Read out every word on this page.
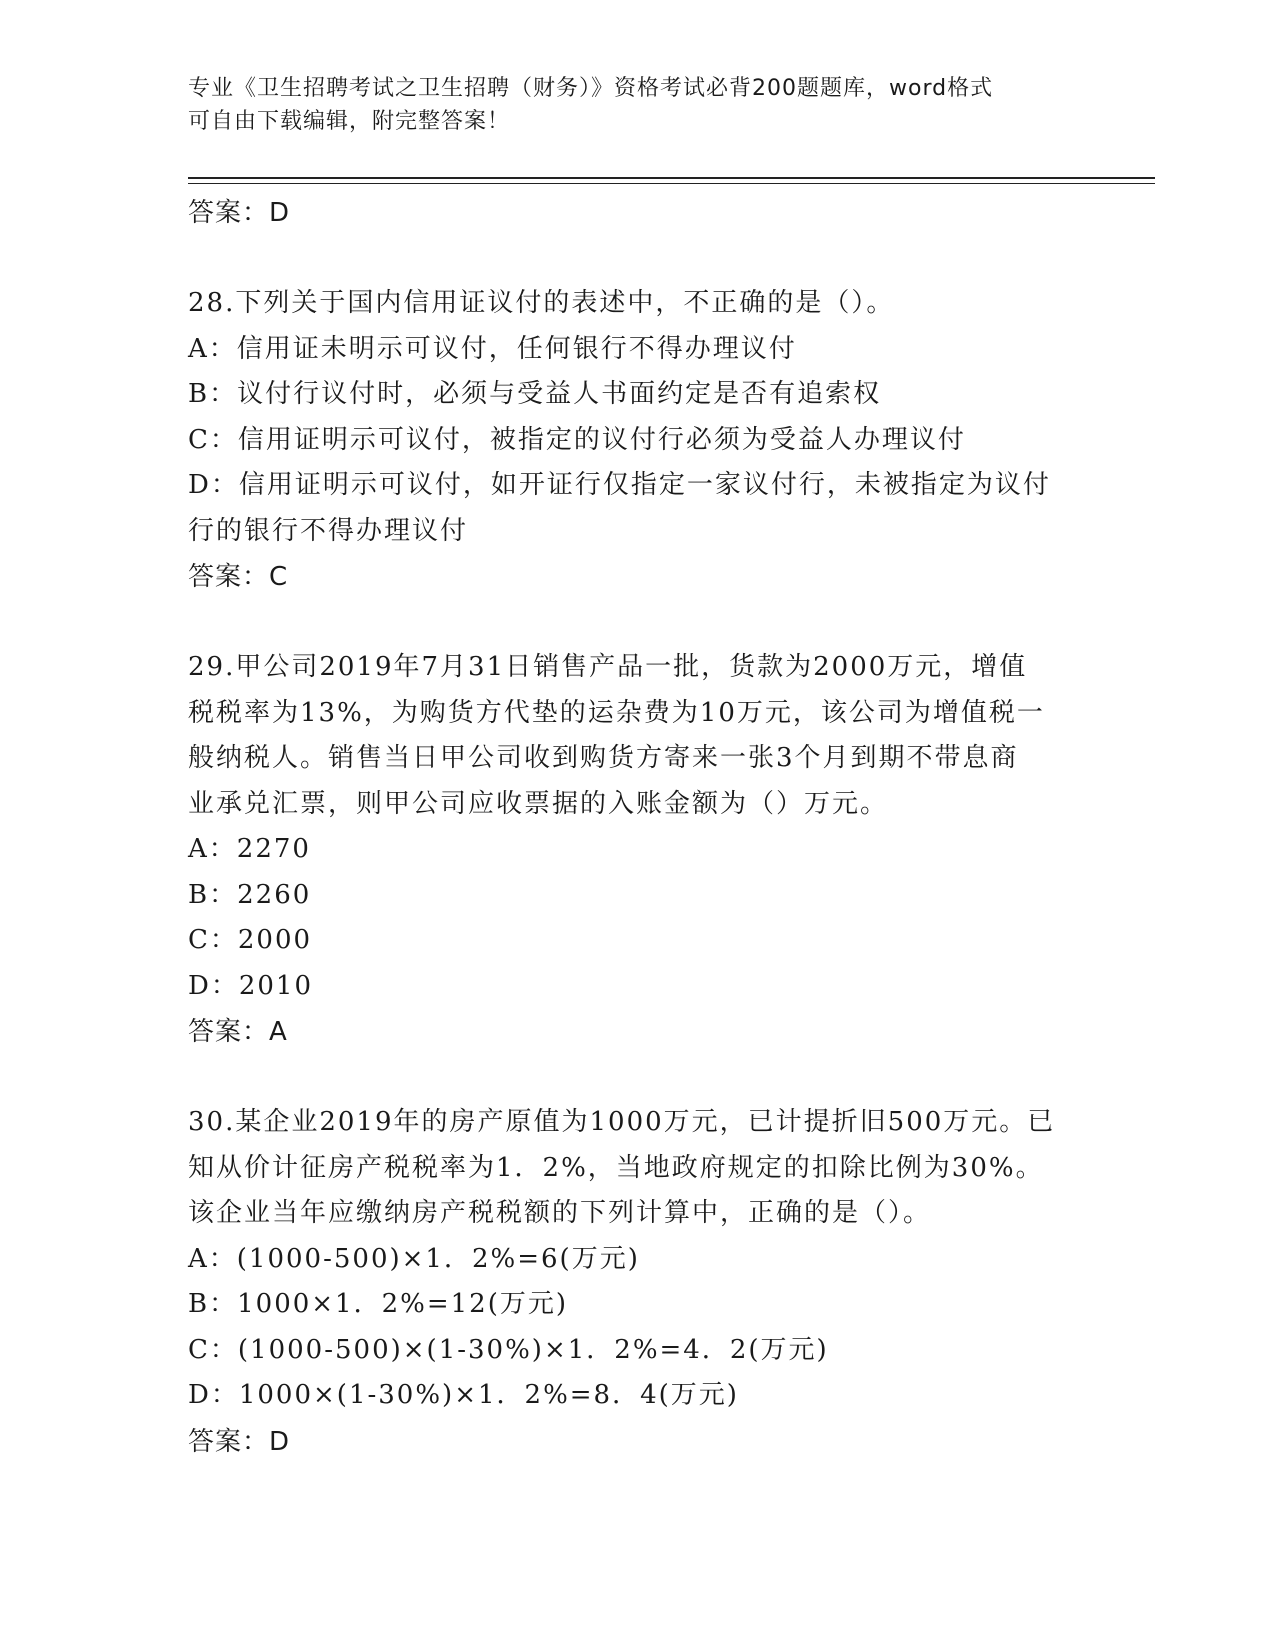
专业《卫生招聘考试之卫生招聘（财务）》资格考试必背200题题库，word格式
可自由下载编辑，附完整答案！
答案：D
28.下列关于国内信用证议付的表述中，不正确的是（）。
A：信用证未明示可议付，任何银行不得办理议付
B：议付行议付时，必须与受益人书面约定是否有追索权
C：信用证明示可议付，被指定的议付行必须为受益人办理议付
D：信用证明示可议付，如开证行仅指定一家议付行，未被指定为议付
行的银行不得办理议付
答案：C
29.甲公司2019年7月31日销售产品一批，货款为2000万元，增值
税税率为13%，为购货方代垫的运杂费为10万元，该公司为增值税一
般纳税人。销售当日甲公司收到购货方寄来一张3个月到期不带息商
业承兑汇票，则甲公司应收票据的入账金额为（）万元。
A：2270
B：2260
C：2000
D：2010
答案：A
30.某企业2019年的房产原值为1000万元，已计提折旧500万元。已
知从价计征房产税税率为1．2%，当地政府规定的扣除比例为30%。
该企业当年应缴纳房产税税额的下列计算中，正确的是（）。
A：(1000-500)×1．2%=6(万元)
B：1000×1．2%=12(万元)
C：(1000-500)×(1-30%)×1．2%=4．2(万元)
D：1000×(1-30%)×1．2%=8．4(万元)
答案：D
